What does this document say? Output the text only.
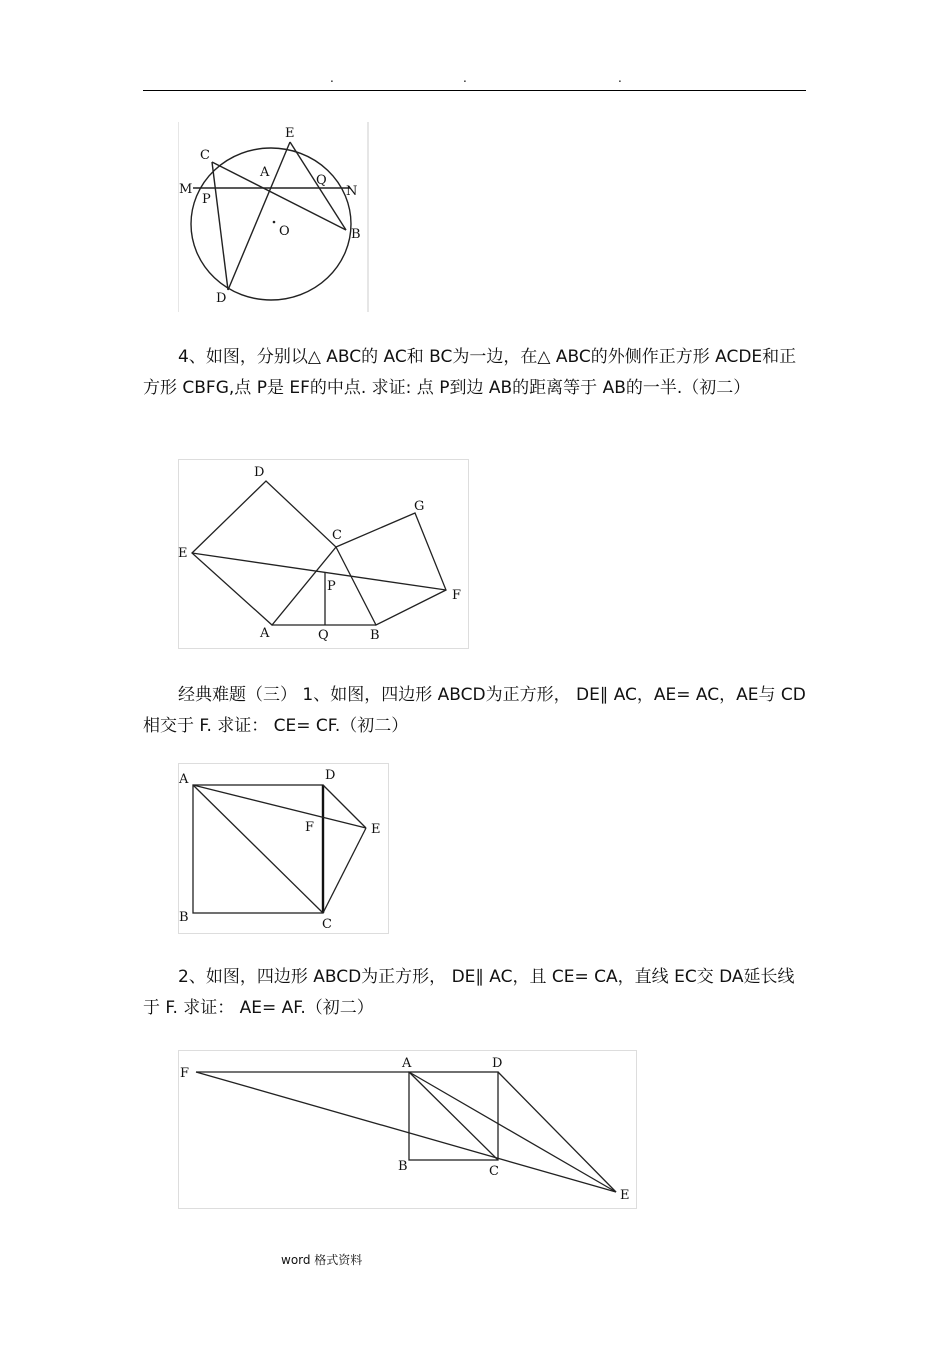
.	.	.
C
E
A
Q
M	N
P
O	B
D

4、如图，分别以△ ABC的 AC和 BC为一边，在△ ABC的外侧作正方形 ACDE和正方形 CBFG,点 P是 EF的中点. 求证: 点 P到边 AB的距离等于 AB的一半.（初二）

D
G
C
E
P
F
A	Q	B

经典难题（三） 1、如图，四边形 ABCD为正方形， DE∥ AC，AE= AC，AE与 CD相交于 F. 求证： CE= CF.（初二）

A	D
F	E
B	C

2、如图，四边形 ABCD为正方形， DE∥ AC，且 CE= CA，直线 EC交 DA延长线于 F. 求证： AE= AF.（初二）

F
A	D
B	C
E
word 格式资料
